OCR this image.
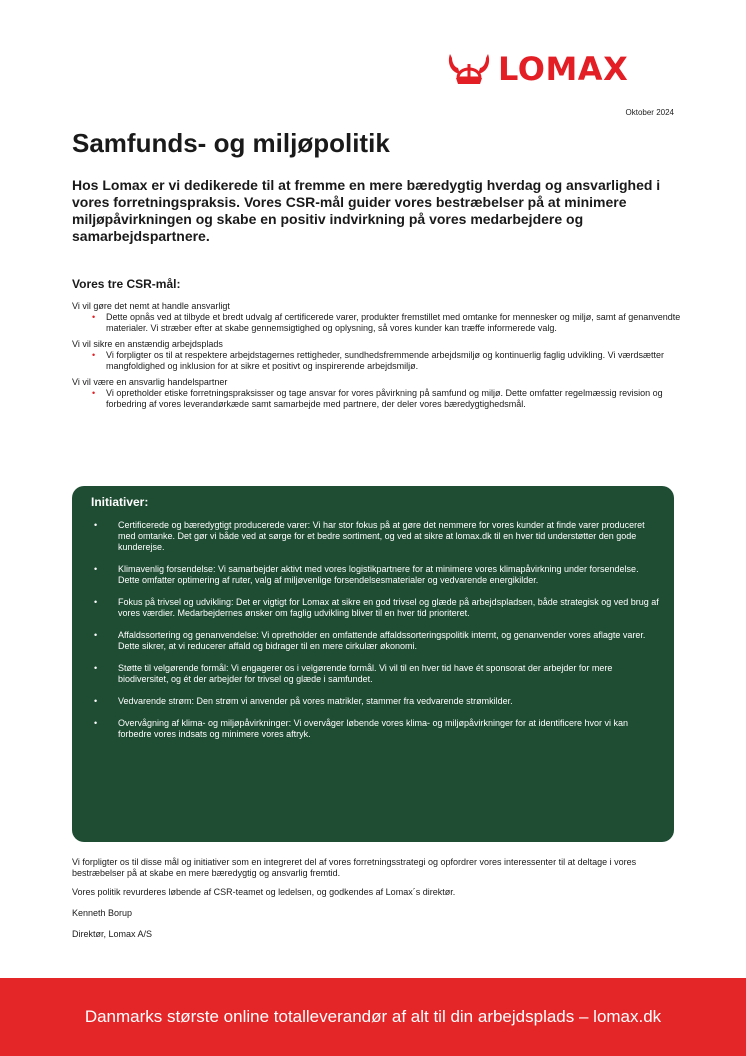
LOMAX
Oktober 2024
Samfunds- og miljøpolitik

Hos Lomax er vi dedikerede til at fremme en mere bæredygtig hverdag og ansvarlighed i vores forretningspraksis. Vores CSR-mål guider vores bestræbelser på at minimere miljøpåvirkningen og skabe en positiv indvirkning på vores medarbejdere og samarbejdspartnere.

Vores tre CSR-mål:
Vi vil gøre det nemt at handle ansvarligt
• Dette opnås ved at tilbyde et bredt udvalg af certificerede varer, produkter fremstillet med omtanke for mennesker og miljø, samt af genanvendte materialer. Vi stræber efter at skabe gennemsigtighed og oplysning, så vores kunder kan træffe informerede valg.
Vi vil sikre en anstændig arbejdsplads
• Vi forpligter os til at respektere arbejdstagernes rettigheder, sundhedsfremmende arbejdsmiljø og kontinuerlig faglig udvikling. Vi værdsætter mangfoldighed og inklusion for at sikre et positivt og inspirerende arbejdsmiljø.
Vi vil være en ansvarlig handelspartner
• Vi opretholder etiske forretningspraksisser og tage ansvar for vores påvirkning på samfund og miljø. Dette omfatter regelmæssig revision og forbedring af vores leverandørkæde samt samarbejde med partnere, der deler vores bæredygtighedsmål.
Initiativer:
• Certificerede og bæredygtigt producerede varer: Vi har stor fokus på at gøre det nemmere for vores kunder at finde varer produceret med omtanke. Det gør vi både ved at sørge for et bedre sortiment, og ved at sikre at lomax.dk til en hver tid understøtter den gode kunderejse.
• Klimavenlig forsendelse: Vi samarbejder aktivt med vores logistikpartnere for at minimere vores klimapåvirkning under forsendelse. Dette omfatter optimering af ruter, valg af miljøvenlige forsendelsesmaterialer og vedvarende energikilder.
• Fokus på trivsel og udvikling: Det er vigtigt for Lomax at sikre en god trivsel og glæde på arbejdspladsen, både strategisk og ved brug af vores værdier. Medarbejdernes ønsker om faglig udvikling bliver til en hver tid prioriteret.
• Affaldssortering og genanvendelse: Vi opretholder en omfattende affaldssorteringspolitik internt, og genanvender vores aflagte varer. Dette sikrer, at vi reducerer affald og bidrager til en mere cirkulær økonomi.
• Støtte til velgørende formål: Vi engagerer os i velgørende formål. Vi vil til en hver tid have ét sponsorat der arbejder for mere biodiversitet, og ét der arbejder for trivsel og glæde i samfundet.
• Vedvarende strøm: Den strøm vi anvender på vores matrikler, stammer fra vedvarende strømkilder.
• Overvågning af klima- og miljøpåvirkninger: Vi overvåger løbende vores klima- og miljøpåvirkninger for at identificere hvor vi kan forbedre vores indsats og minimere vores aftryk.

Vi forpligter os til disse mål og initiativer som en integreret del af vores forretningsstrategi og opfordrer vores interessenter til at deltage i vores bestræbelser på at skabe en mere bæredygtig og ansvarlig fremtid.

Vores politik revurderes løbende af CSR-teamet og ledelsen, og godkendes af Lomax´s direktør.

Kenneth Borup

Direktør, Lomax A/S

Danmarks største online totalleverandør af alt til din arbejdsplads – lomax.dk
